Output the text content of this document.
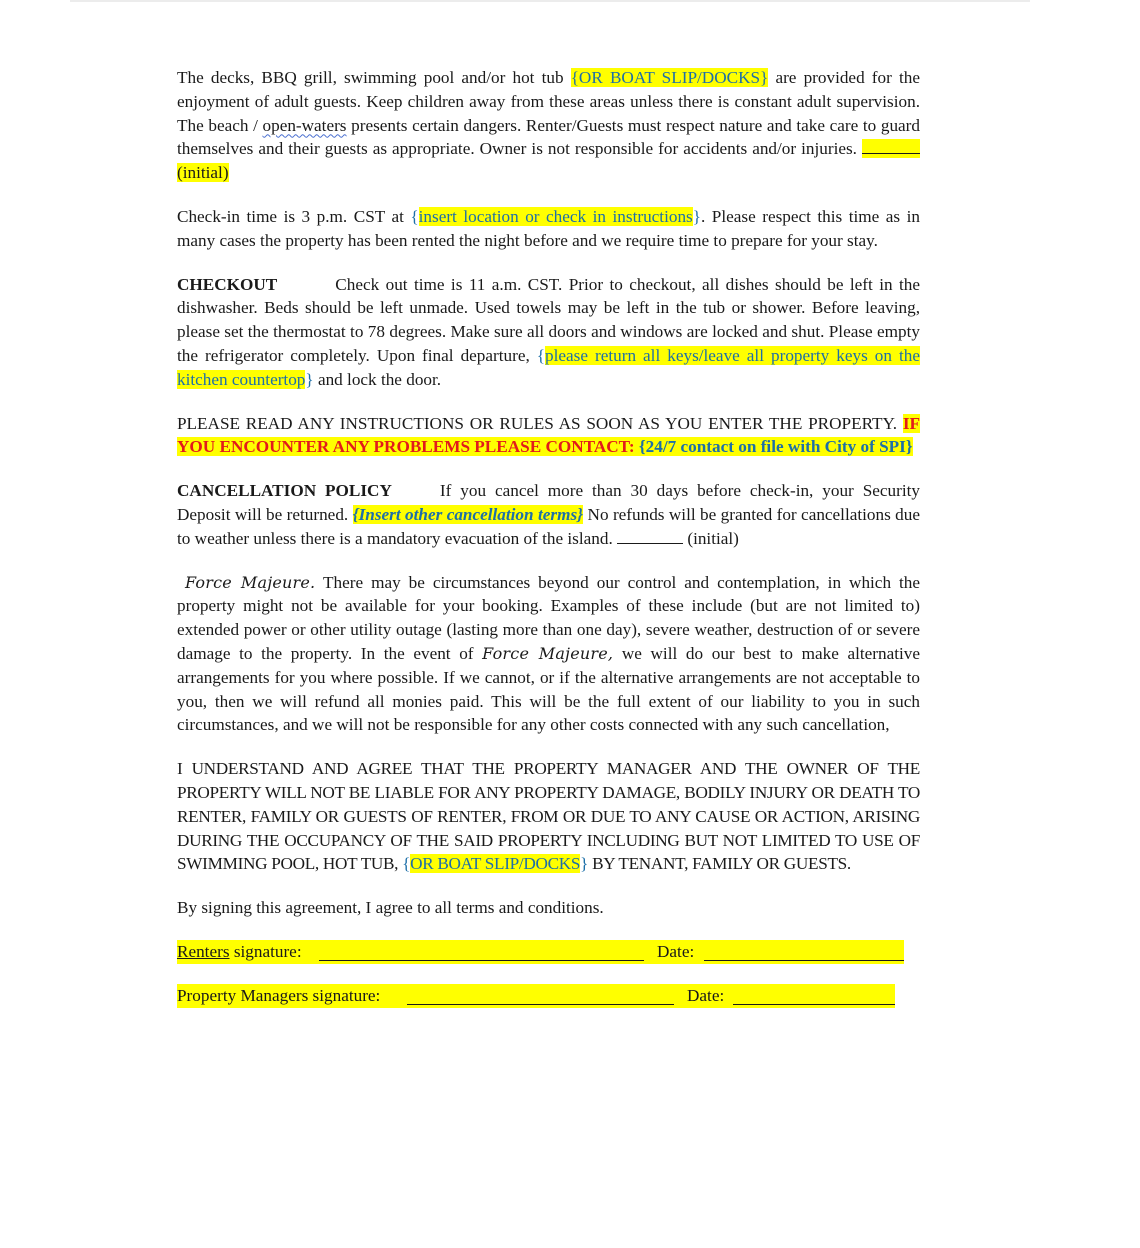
The decks, BBQ grill, swimming pool and/or hot tub {OR BOAT SLIP/DOCKS} are provided for the enjoyment of adult guests. Keep children away from these areas unless there is constant adult supervision. The beach / open-waters presents certain dangers. Renter/Guests must respect nature and take care to guard themselves and their guests as appropriate. Owner is not responsible for accidents and/or injuries.  (initial)

Check-in time is 3 p.m. CST at {insert location or check in instructions}. Please respect this time as in many cases the property has been rented the night before and we require time to prepare for your stay.

CHECKOUT	Check out time is 11 a.m. CST. Prior to checkout, all dishes should be left in the dishwasher. Beds should be left unmade. Used towels may be left in the tub or shower. Before leaving, please set the thermostat to 78 degrees. Make sure all doors and windows are locked and shut. Please empty the refrigerator completely. Upon final departure, {please return all keys/leave all property keys on the kitchen countertop} and lock the door.

PLEASE READ ANY INSTRUCTIONS OR RULES AS SOON AS YOU ENTER THE PROPERTY. IF YOU ENCOUNTER ANY PROBLEMS PLEASE CONTACT: {24/7 contact on file with City of SPI}

CANCELLATION POLICY	If you cancel more than 30 days before check-in, your Security Deposit will be returned. {Insert other cancellation terms} No refunds will be granted for cancellations due to weather unless there is a mandatory evacuation of the island.	(initial)

Force Majeure. There may be circumstances beyond our control and contemplation, in which the property might not be available for your booking. Examples of these include (but are not limited to) extended power or other utility outage (lasting more than one day), severe weather, destruction of or severe damage to the property. In the event of Force Majeure, we will do our best to make alternative arrangements for you where possible. If we cannot, or if the alternative arrangements are not acceptable to you, then we will refund all monies paid. This will be the full extent of our liability to you in such circumstances, and we will not be responsible for any other costs connected with any such cancellation,

I UNDERSTAND AND AGREE THAT THE PROPERTY MANAGER AND THE OWNER OF THE PROPERTY WILL NOT BE LIABLE FOR ANY PROPERTY DAMAGE, BODILY INJURY OR DEATH TO RENTER, FAMILY OR GUESTS OF RENTER, FROM OR DUE TO ANY CAUSE OR ACTION, ARISING DURING THE OCCUPANCY OF THE SAID PROPERTY INCLUDING BUT NOT LIMITED TO USE OF SWIMMING POOL, HOT TUB, {OR BOAT SLIP/DOCKS} BY TENANT, FAMILY OR GUESTS.

By signing this agreement, I agree to all terms and conditions.

Renters signature:	Date:
Property Managers signature:	Date:
